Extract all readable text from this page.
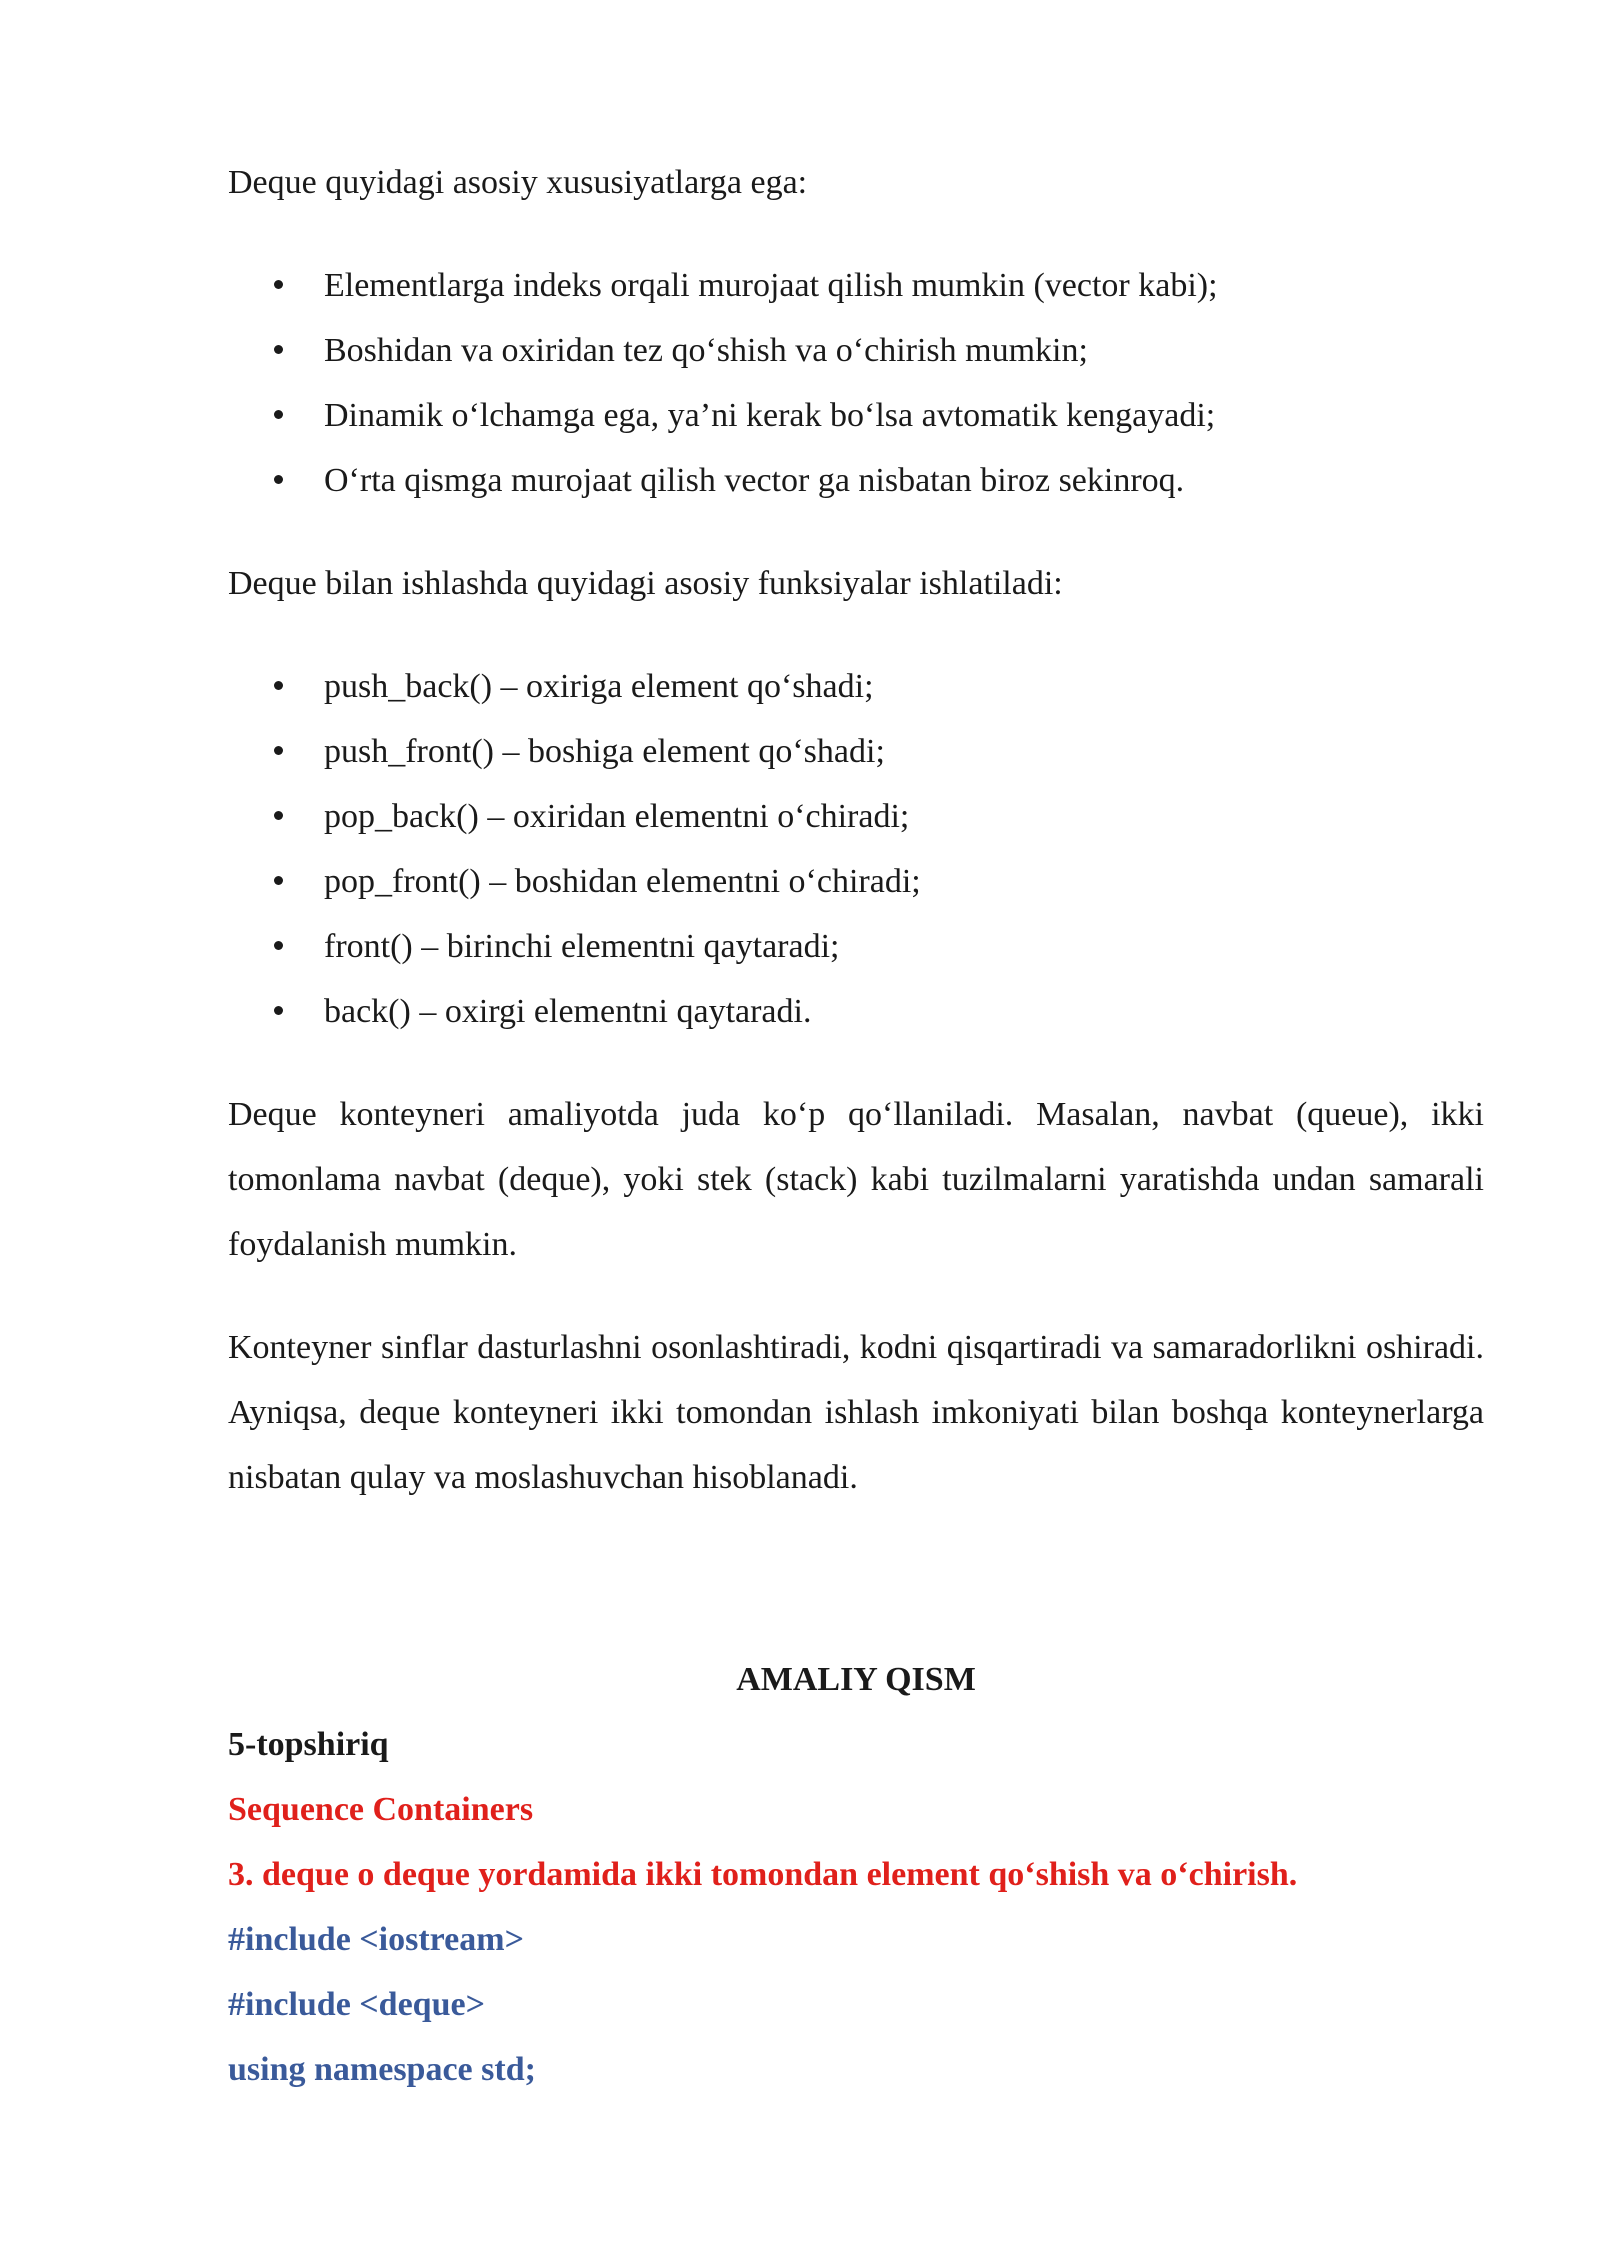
Deque quyidagi asosiy xususiyatlarga ega:

Elementlarga indeks orqali murojaat qilish mumkin (vector kabi);
Boshidan va oxiridan tez qo‘shish va o‘chirish mumkin;
Dinamik o‘lchamga ega, ya’ni kerak bo‘lsa avtomatik kengayadi;
O‘rta qismga murojaat qilish vector ga nisbatan biroz sekinroq.

Deque bilan ishlashda quyidagi asosiy funksiyalar ishlatiladi:

push_back() – oxiriga element qo‘shadi;
push_front() – boshiga element qo‘shadi;
pop_back() – oxiridan elementni o‘chiradi;
pop_front() – boshidan elementni o‘chiradi;
front() – birinchi elementni qaytaradi;
back() – oxirgi elementni qaytaradi.

Deque konteyneri amaliyotda juda ko‘p qo‘llaniladi. Masalan, navbat (queue), ikki tomonlama navbat (deque), yoki stek (stack) kabi tuzilmalarni yaratishda undan samarali foydalanish mumkin.

Konteyner sinflar dasturlashni osonlashtiradi, kodni qisqartiradi va samaradorlikni oshiradi. Ayniqsa, deque konteyneri ikki tomondan ishlash imkoniyati bilan boshqa konteynerlarga nisbatan qulay va moslashuvchan hisoblanadi.

AMALIY QISM

5-topshiriq

Sequence Containers

3. deque o deque yordamida ikki tomondan element qo‘shish va o‘chirish.

#include <iostream>

#include <deque>

using namespace std;
